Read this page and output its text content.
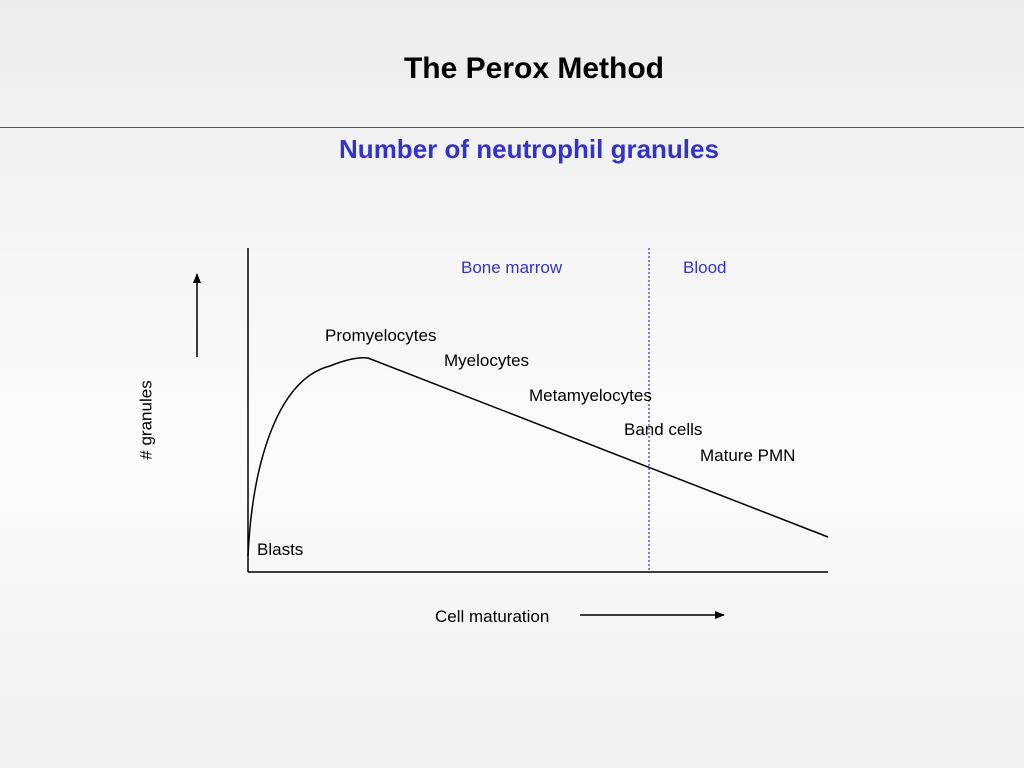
The Perox Method
Number of neutrophil granules
Bone marrow	Blood
Blasts
Promyelocytes
Myelocytes
Metamyelocytes
Band cells
Mature PMN
# granules
Cell maturation
